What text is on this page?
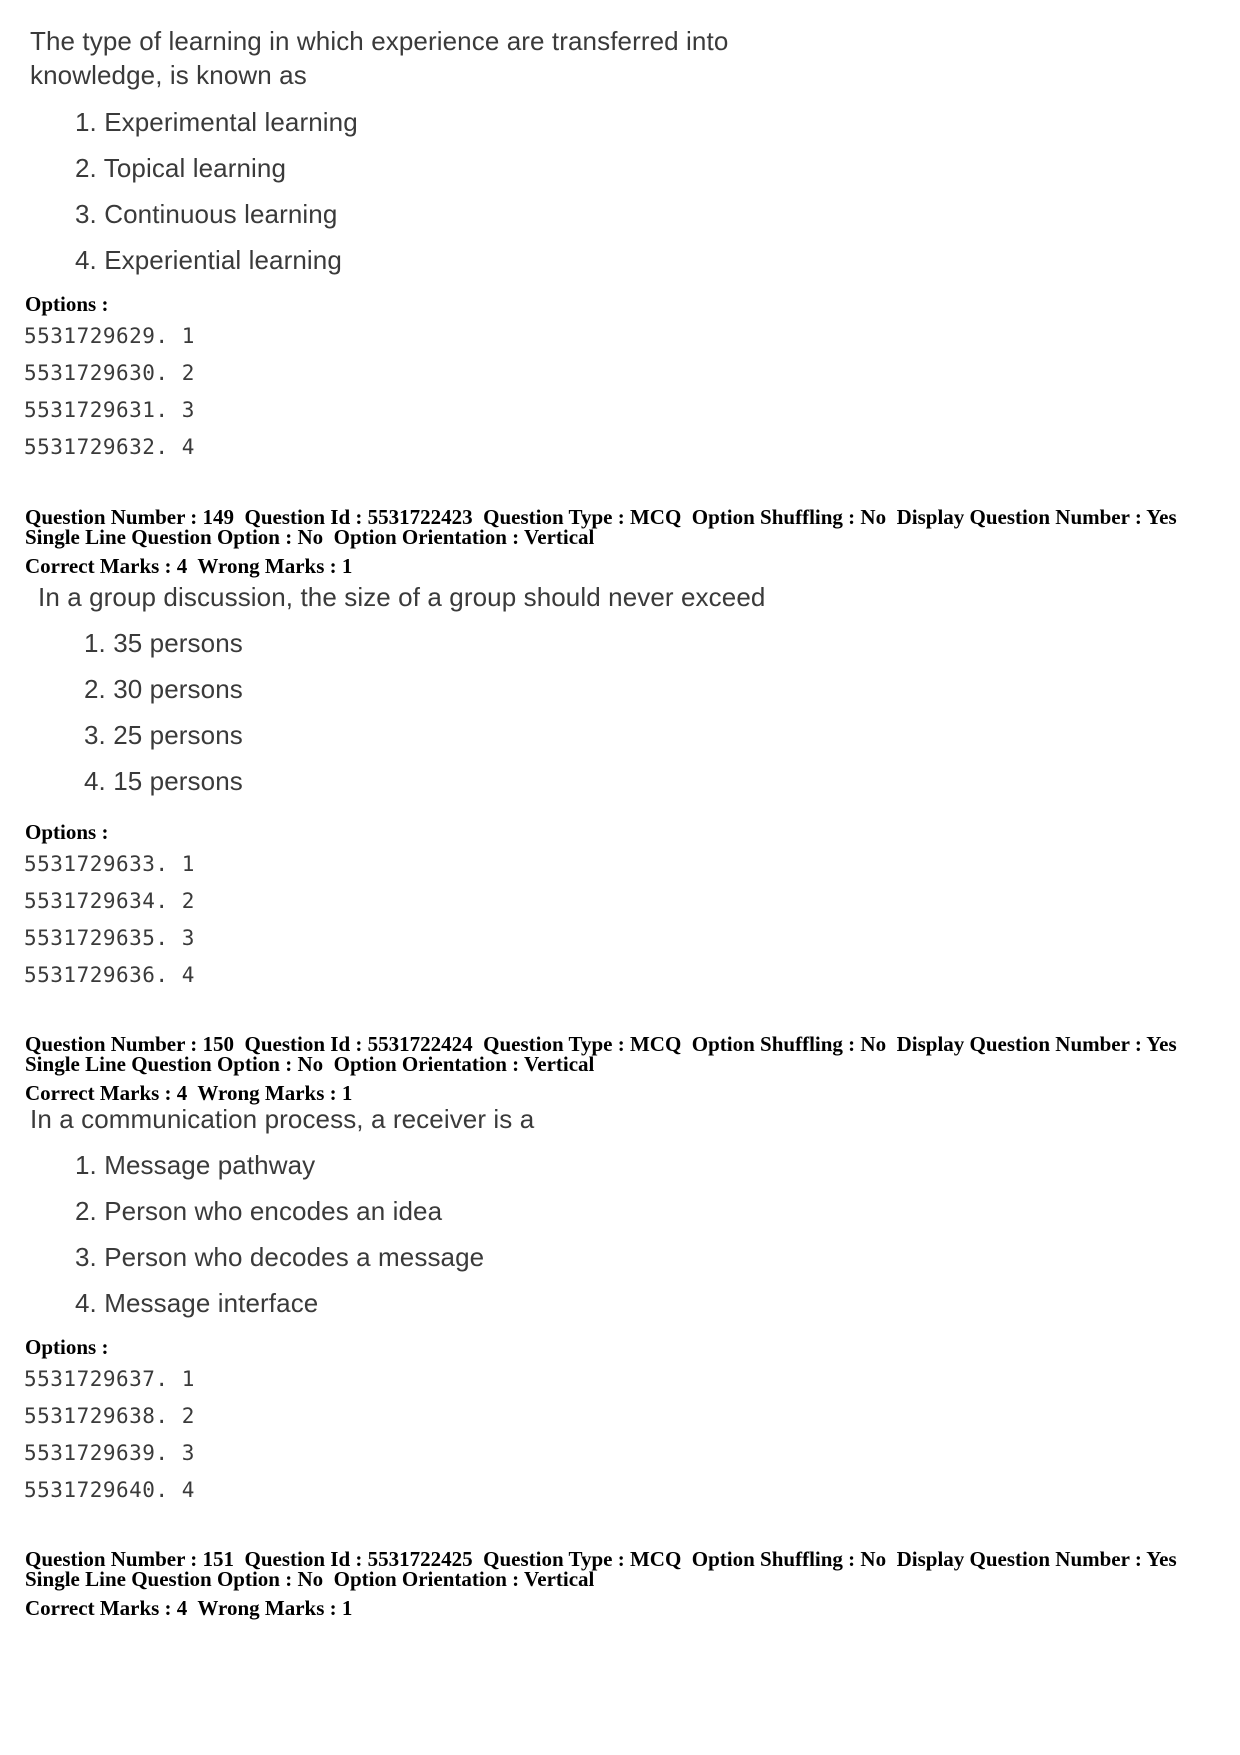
The type of learning in which experience are transferred into
knowledge, is known as

1. Experimental learning
2. Topical learning
3. Continuous learning
4. Experiential learning
Options :
5531729629. 1
5531729630. 2
5531729631. 3
5531729632. 4
Question Number : 149  Question Id : 5531722423  Question Type : MCQ  Option Shuffling : No  Display Question Number : Yes
Single Line Question Option : No  Option Orientation : Vertical
Correct Marks : 4  Wrong Marks : 1

In a group discussion, the size of a group should never exceed

1. 35 persons
2. 30 persons
3. 25 persons
4. 15 persons
Options :
5531729633. 1
5531729634. 2
5531729635. 3
5531729636. 4
Question Number : 150  Question Id : 5531722424  Question Type : MCQ  Option Shuffling : No  Display Question Number : Yes
Single Line Question Option : No  Option Orientation : Vertical
Correct Marks : 4  Wrong Marks : 1

In a communication process, a receiver is a

1. Message pathway
2. Person who encodes an idea
3. Person who decodes a message
4. Message interface
Options :
5531729637. 1
5531729638. 2
5531729639. 3
5531729640. 4
Question Number : 151  Question Id : 5531722425  Question Type : MCQ  Option Shuffling : No  Display Question Number : Yes
Single Line Question Option : No  Option Orientation : Vertical
Correct Marks : 4  Wrong Marks : 1
